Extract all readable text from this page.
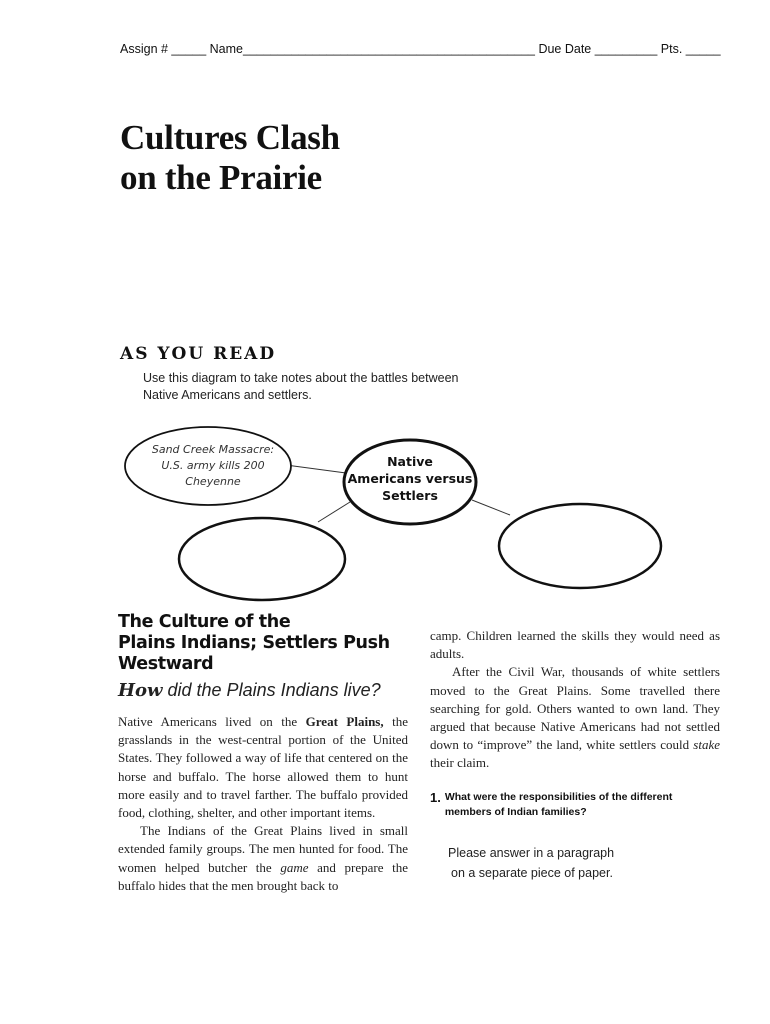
Assign # _____ Name__________________________________________ Due Date _________ Pts. _____
Cultures Clash
on the Prairie
AS YOU READ
Use this diagram to take notes about the battles between
Native Americans and settlers.
Sand Creek Massacre:
U.S. army kills 200
Cheyenne
Native
Americans versus
Settlers
The Culture of the
Plains Indians; Settlers Push
Westward
How did the Plains Indians live?

Native Americans lived on the Great Plains, the grasslands in the west-central portion of the United States. They followed a way of life that centered on the horse and buffalo. The horse allowed them to hunt more easily and to travel farther. The buffalo provided food, clothing, shelter, and other important items.

The Indians of the Great Plains lived in small extended family groups. The men hunted for food. The women helped butcher the game and prepare the buffalo hides that the men brought back to

camp. Children learned the skills they would need as adults.

After the Civil War, thousands of white settlers moved to the Great Plains. Some travelled there searching for gold. Others wanted to own land. They argued that because Native Americans had not settled down to “improve” the land, white settlers could stake their claim.

1. What were the responsibilities of the different members of Indian families?
Please answer in a paragraph
on a separate piece of paper.
